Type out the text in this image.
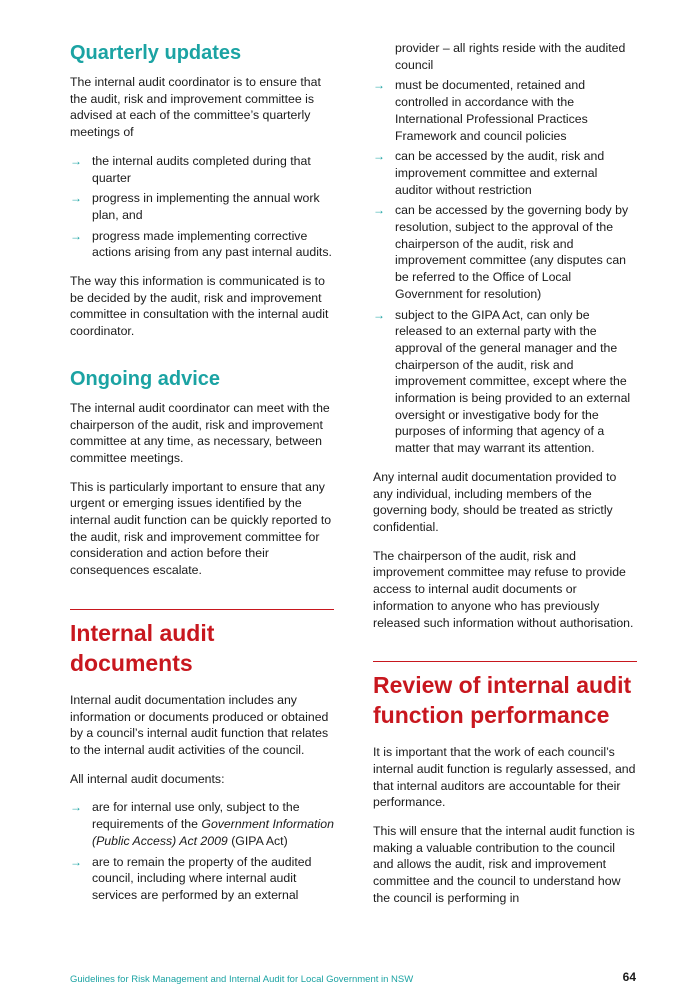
Quarterly updates

The internal audit coordinator is to ensure that the audit, risk and improvement committee is advised at each of the committee’s quarterly meetings of

→ the internal audits completed during that quarter
→ progress in implementing the annual work plan, and
→ progress made implementing corrective actions arising from any past internal audits.

The way this information is communicated is to be decided by the audit, risk and improvement committee in consultation with the internal audit coordinator.

Ongoing advice

The internal audit coordinator can meet with the chairperson of the audit, risk and improvement committee at any time, as necessary, between committee meetings.

This is particularly important to ensure that any urgent or emerging issues identified by the internal audit function can be quickly reported to the audit, risk and improvement committee for consideration and action before their consequences escalate.

Internal audit documents

Internal audit documentation includes any information or documents produced or obtained by a council’s internal audit function that relates to the internal audit activities of the council.

All internal audit documents:

→ are for internal use only, subject to the requirements of the Government Information (Public Access) Act 2009 (GIPA Act)
→ are to remain the property of the audited council, including where internal audit services are performed by an external
provider – all rights reside with the audited council
→ must be documented, retained and controlled in accordance with the International Professional Practices Framework and council policies
→ can be accessed by the audit, risk and improvement committee and external auditor without restriction
→ can be accessed by the governing body by resolution, subject to the approval of the chairperson of the audit, risk and improvement committee (any disputes can be referred to the Office of Local Government for resolution)
→ subject to the GIPA Act, can only be released to an external party with the approval of the general manager and the chairperson of the audit, risk and improvement committee, except where the information is being provided to an external oversight or investigative body for the purposes of informing that agency of a matter that may warrant its attention.

Any internal audit documentation provided to any individual, including members of the governing body, should be treated as strictly confidential.

The chairperson of the audit, risk and improvement committee may refuse to provide access to internal audit documents or information to anyone who has previously released such information without authorisation.

Review of internal audit function performance

It is important that the work of each council’s internal audit function is regularly assessed, and that internal auditors are accountable for their performance.

This will ensure that the internal audit function is making a valuable contribution to the council and allows the audit, risk and improvement committee and the council to understand how the council is performing in

Guidelines for Risk Management and Internal Audit for Local Government in NSW	64
